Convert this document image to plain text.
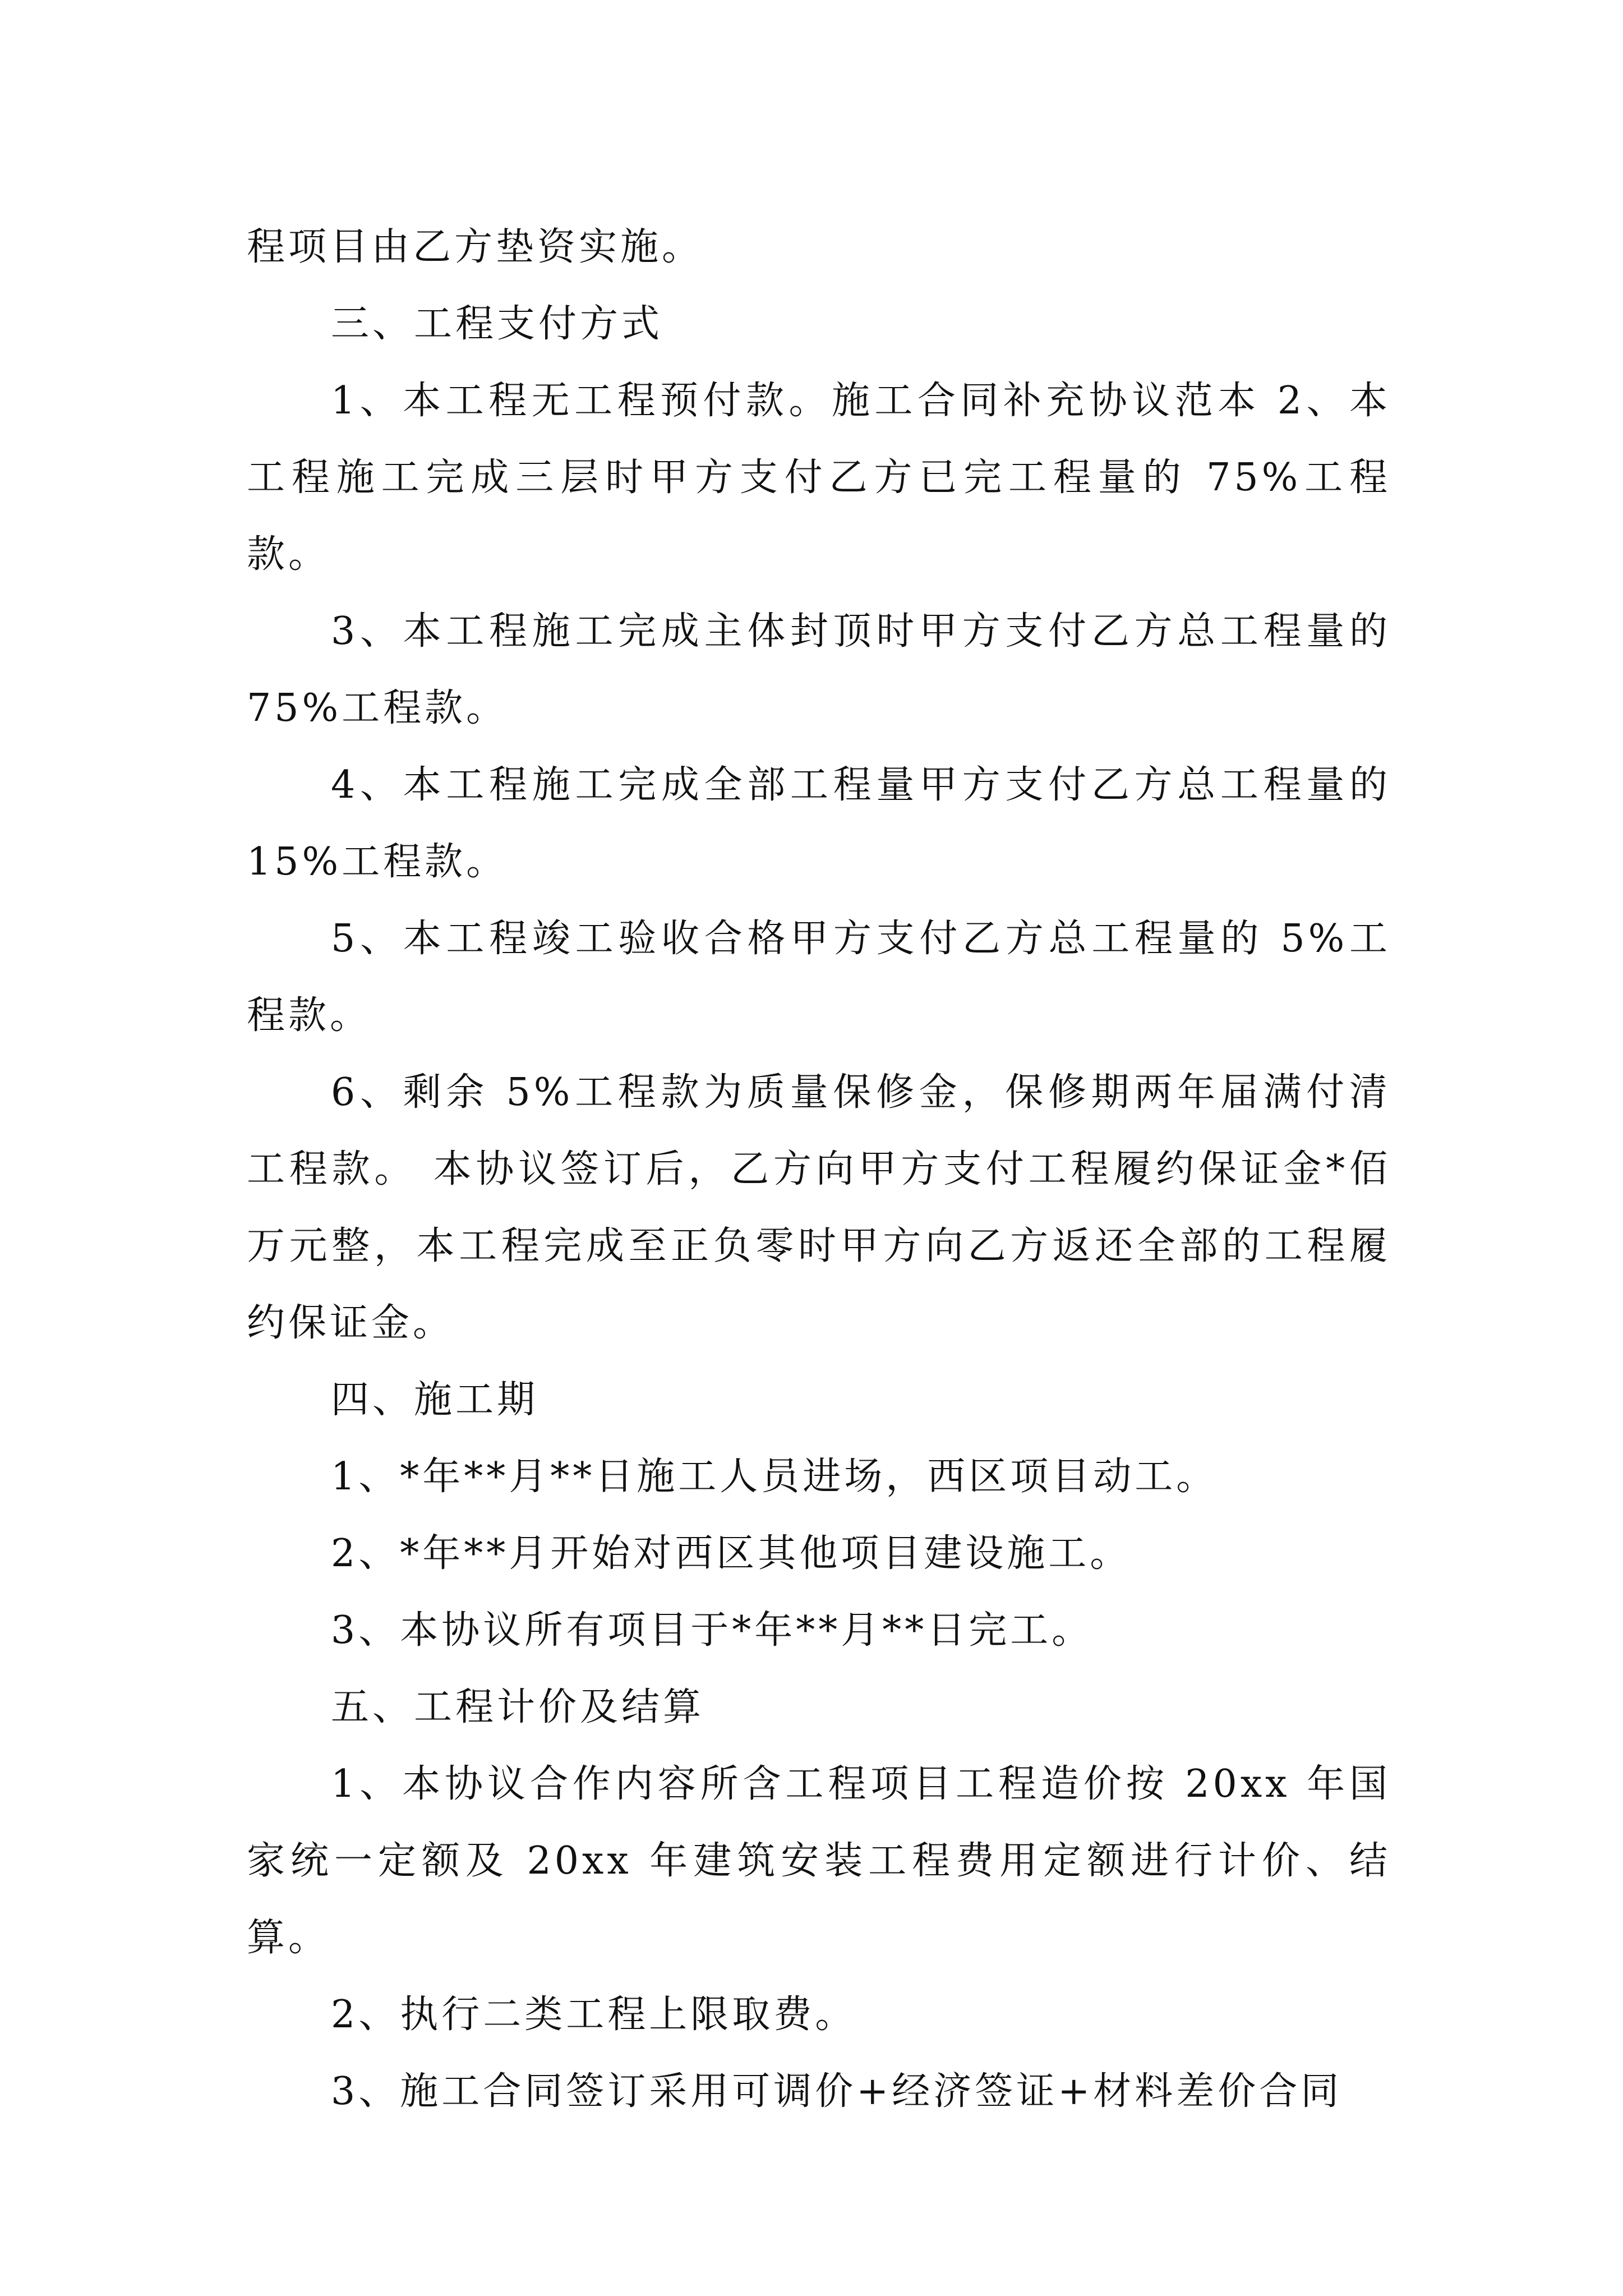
程项目由乙方垫资实施。

三、工程支付方式

1、本工程无工程预付款。施工合同补充协议范本 2、本工程施工完成三层时甲方支付乙方已完工程量的 75%工程款。

3、本工程施工完成主体封顶时甲方支付乙方总工程量的 75%工程款。

4、本工程施工完成全部工程量甲方支付乙方总工程量的 15%工程款。

5、本工程竣工验收合格甲方支付乙方总工程量的 5%工程款。

6、剩余 5%工程款为质量保修金，保修期两年届满付清工程款。 本协议签订后，乙方向甲方支付工程履约保证金*佰万元整，本工程完成至正负零时甲方向乙方返还全部的工程履约保证金。

四、施工期

1、*年**月**日施工人员进场，西区项目动工。

2、*年**月开始对西区其他项目建设施工。

3、本协议所有项目于*年**月**日完工。

五、工程计价及结算

1、本协议合作内容所含工程项目工程造价按 20xx 年国家统一定额及 20xx 年建筑安装工程费用定额进行计价、结算。

2、执行二类工程上限取费。

3、施工合同签订采用可调价+经济签证+材料差价合同
